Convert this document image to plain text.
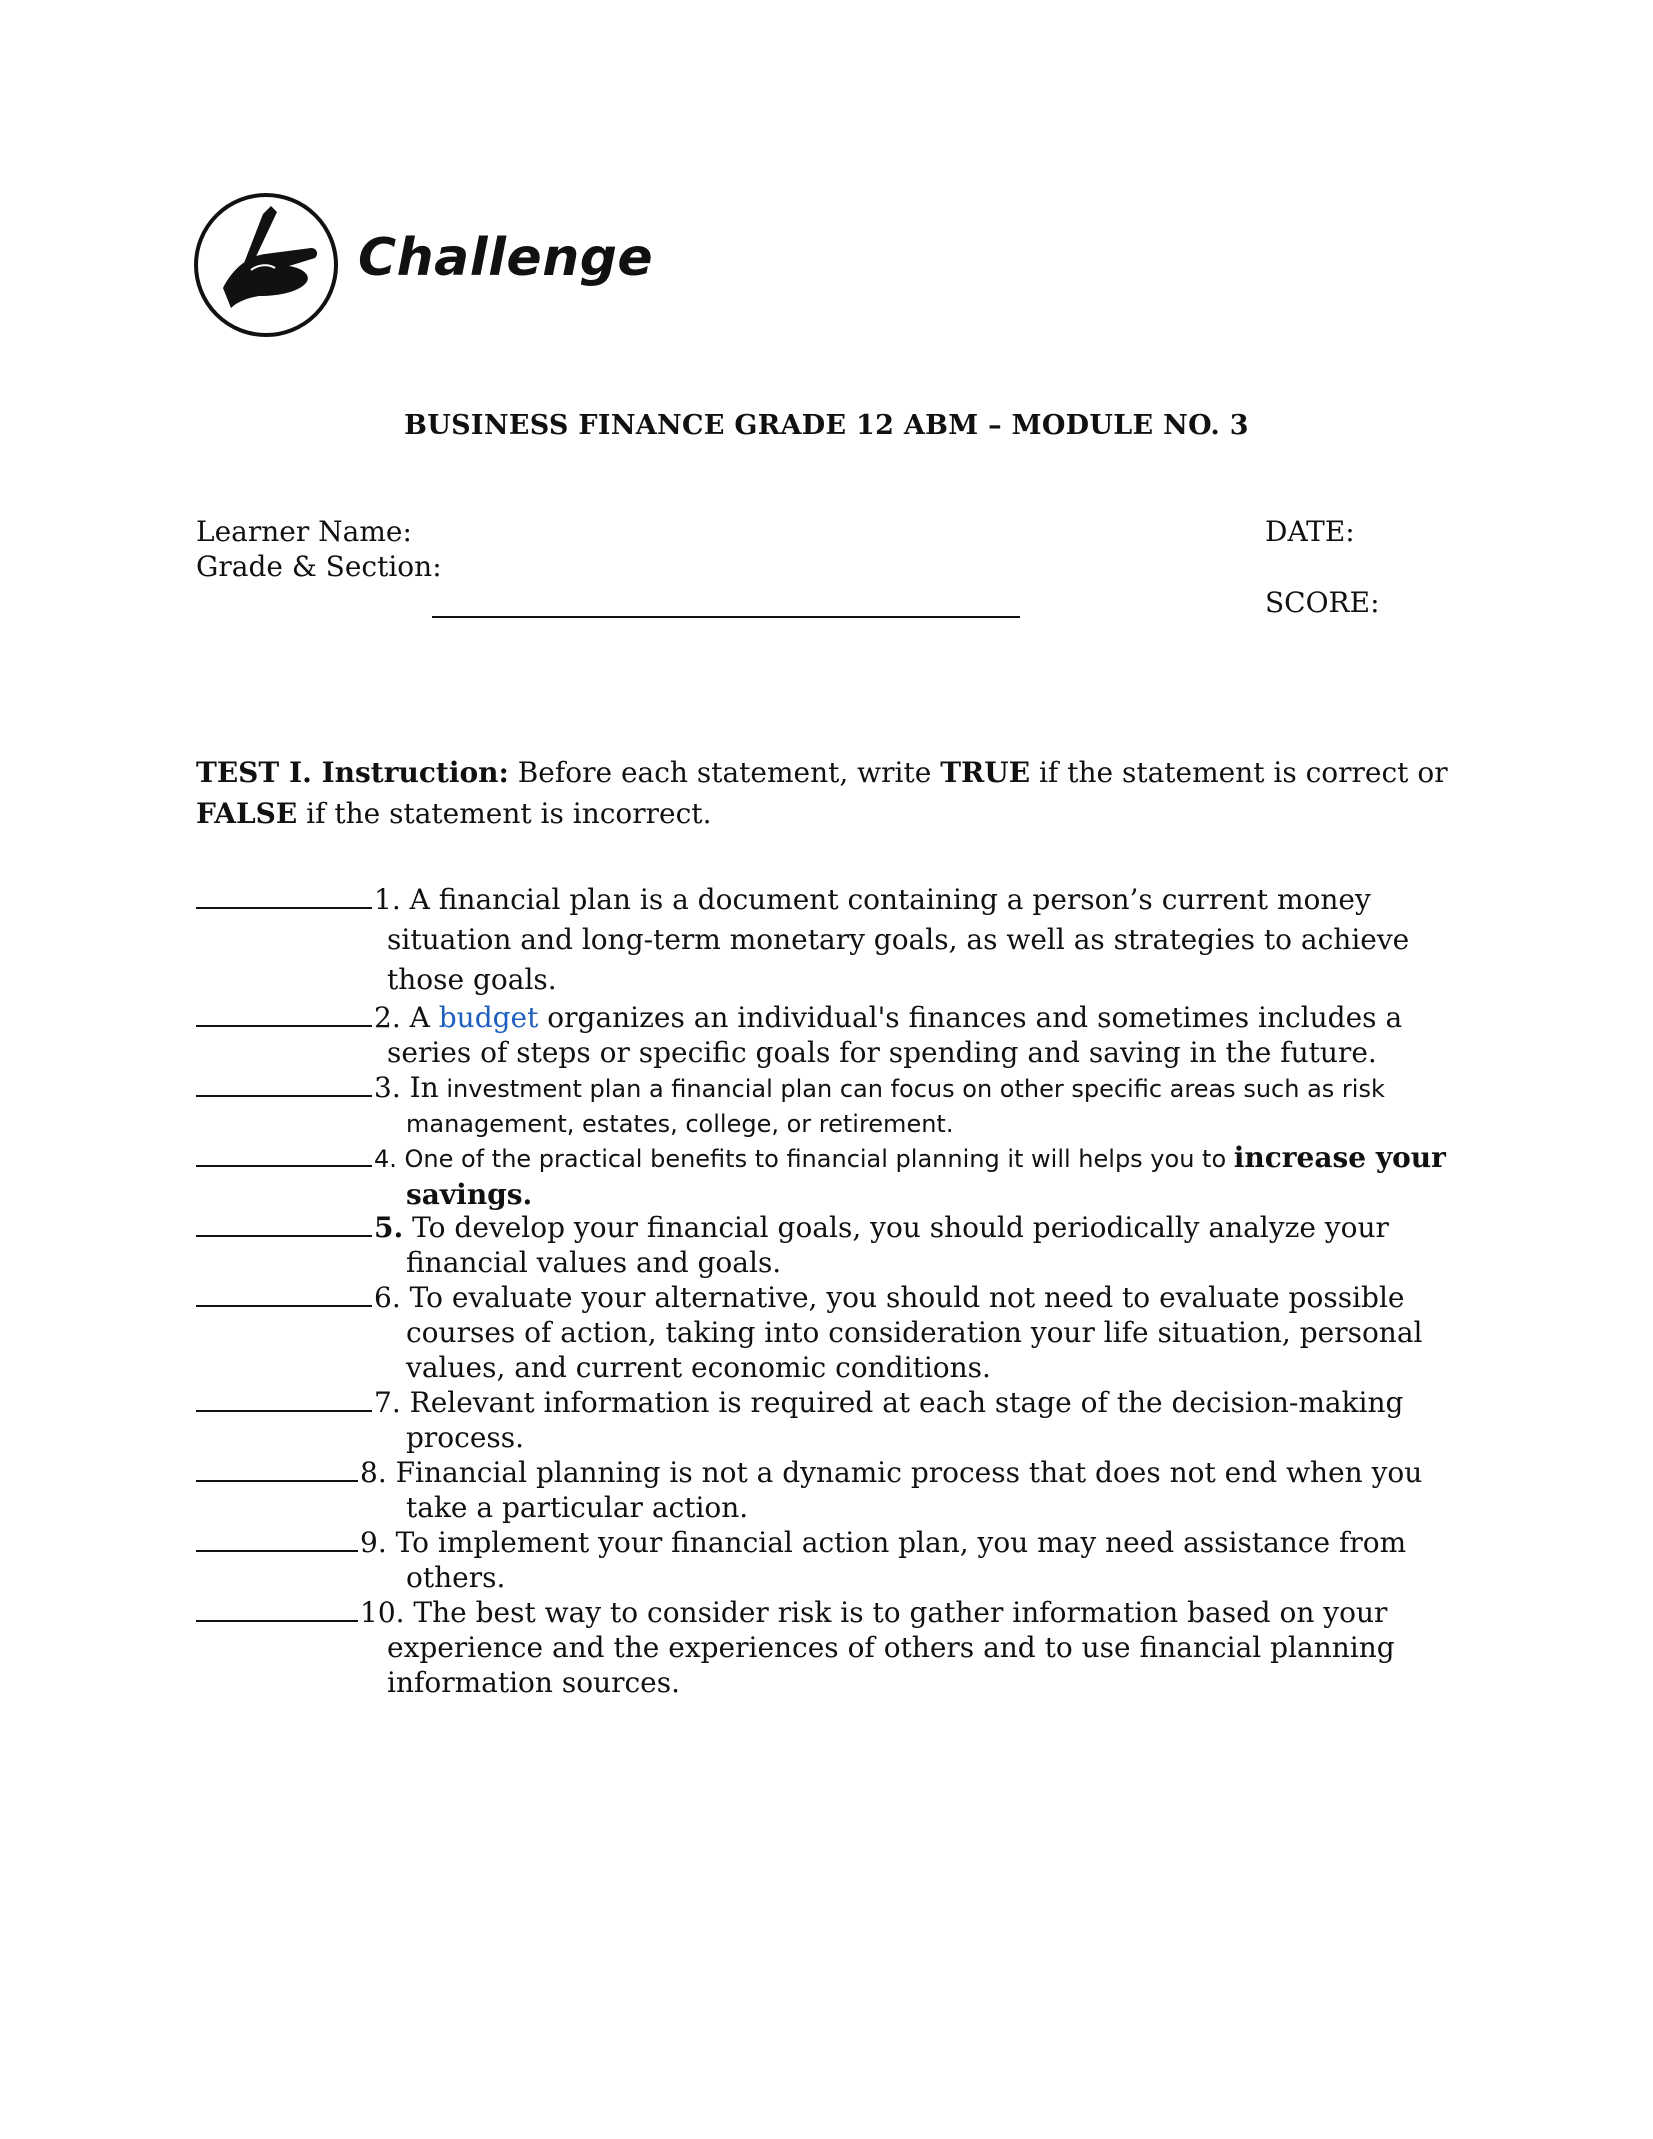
Challenge
BUSINESS FINANCE GRADE 12 ABM – MODULE NO. 3
Learner Name:
Grade & Section:
DATE:
SCORE:
TEST I. Instruction: Before each statement, write TRUE if the statement is correct or
FALSE if the statement is incorrect.
1. A financial plan is a document containing a person’s current money
situation and long-term monetary goals, as well as strategies to achieve
those goals.
2. A budget organizes an individual's finances and sometimes includes a
series of steps or specific goals for spending and saving in the future.
3. In investment plan a financial plan can focus on other specific areas such as risk
management, estates, college, or retirement.
4. One of the practical benefits to financial planning it will helps you to increase your
savings.
5. To develop your financial goals, you should periodically analyze your
financial values and goals.
6. To evaluate your alternative, you should not need to evaluate possible
courses of action, taking into consideration your life situation, personal
values, and current economic conditions.
7. Relevant information is required at each stage of the decision-making
process.
8. Financial planning is not a dynamic process that does not end when you
take a particular action.
9. To implement your financial action plan, you may need assistance from
others.
10. The best way to consider risk is to gather information based on your
experience and the experiences of others and to use financial planning
information sources.
